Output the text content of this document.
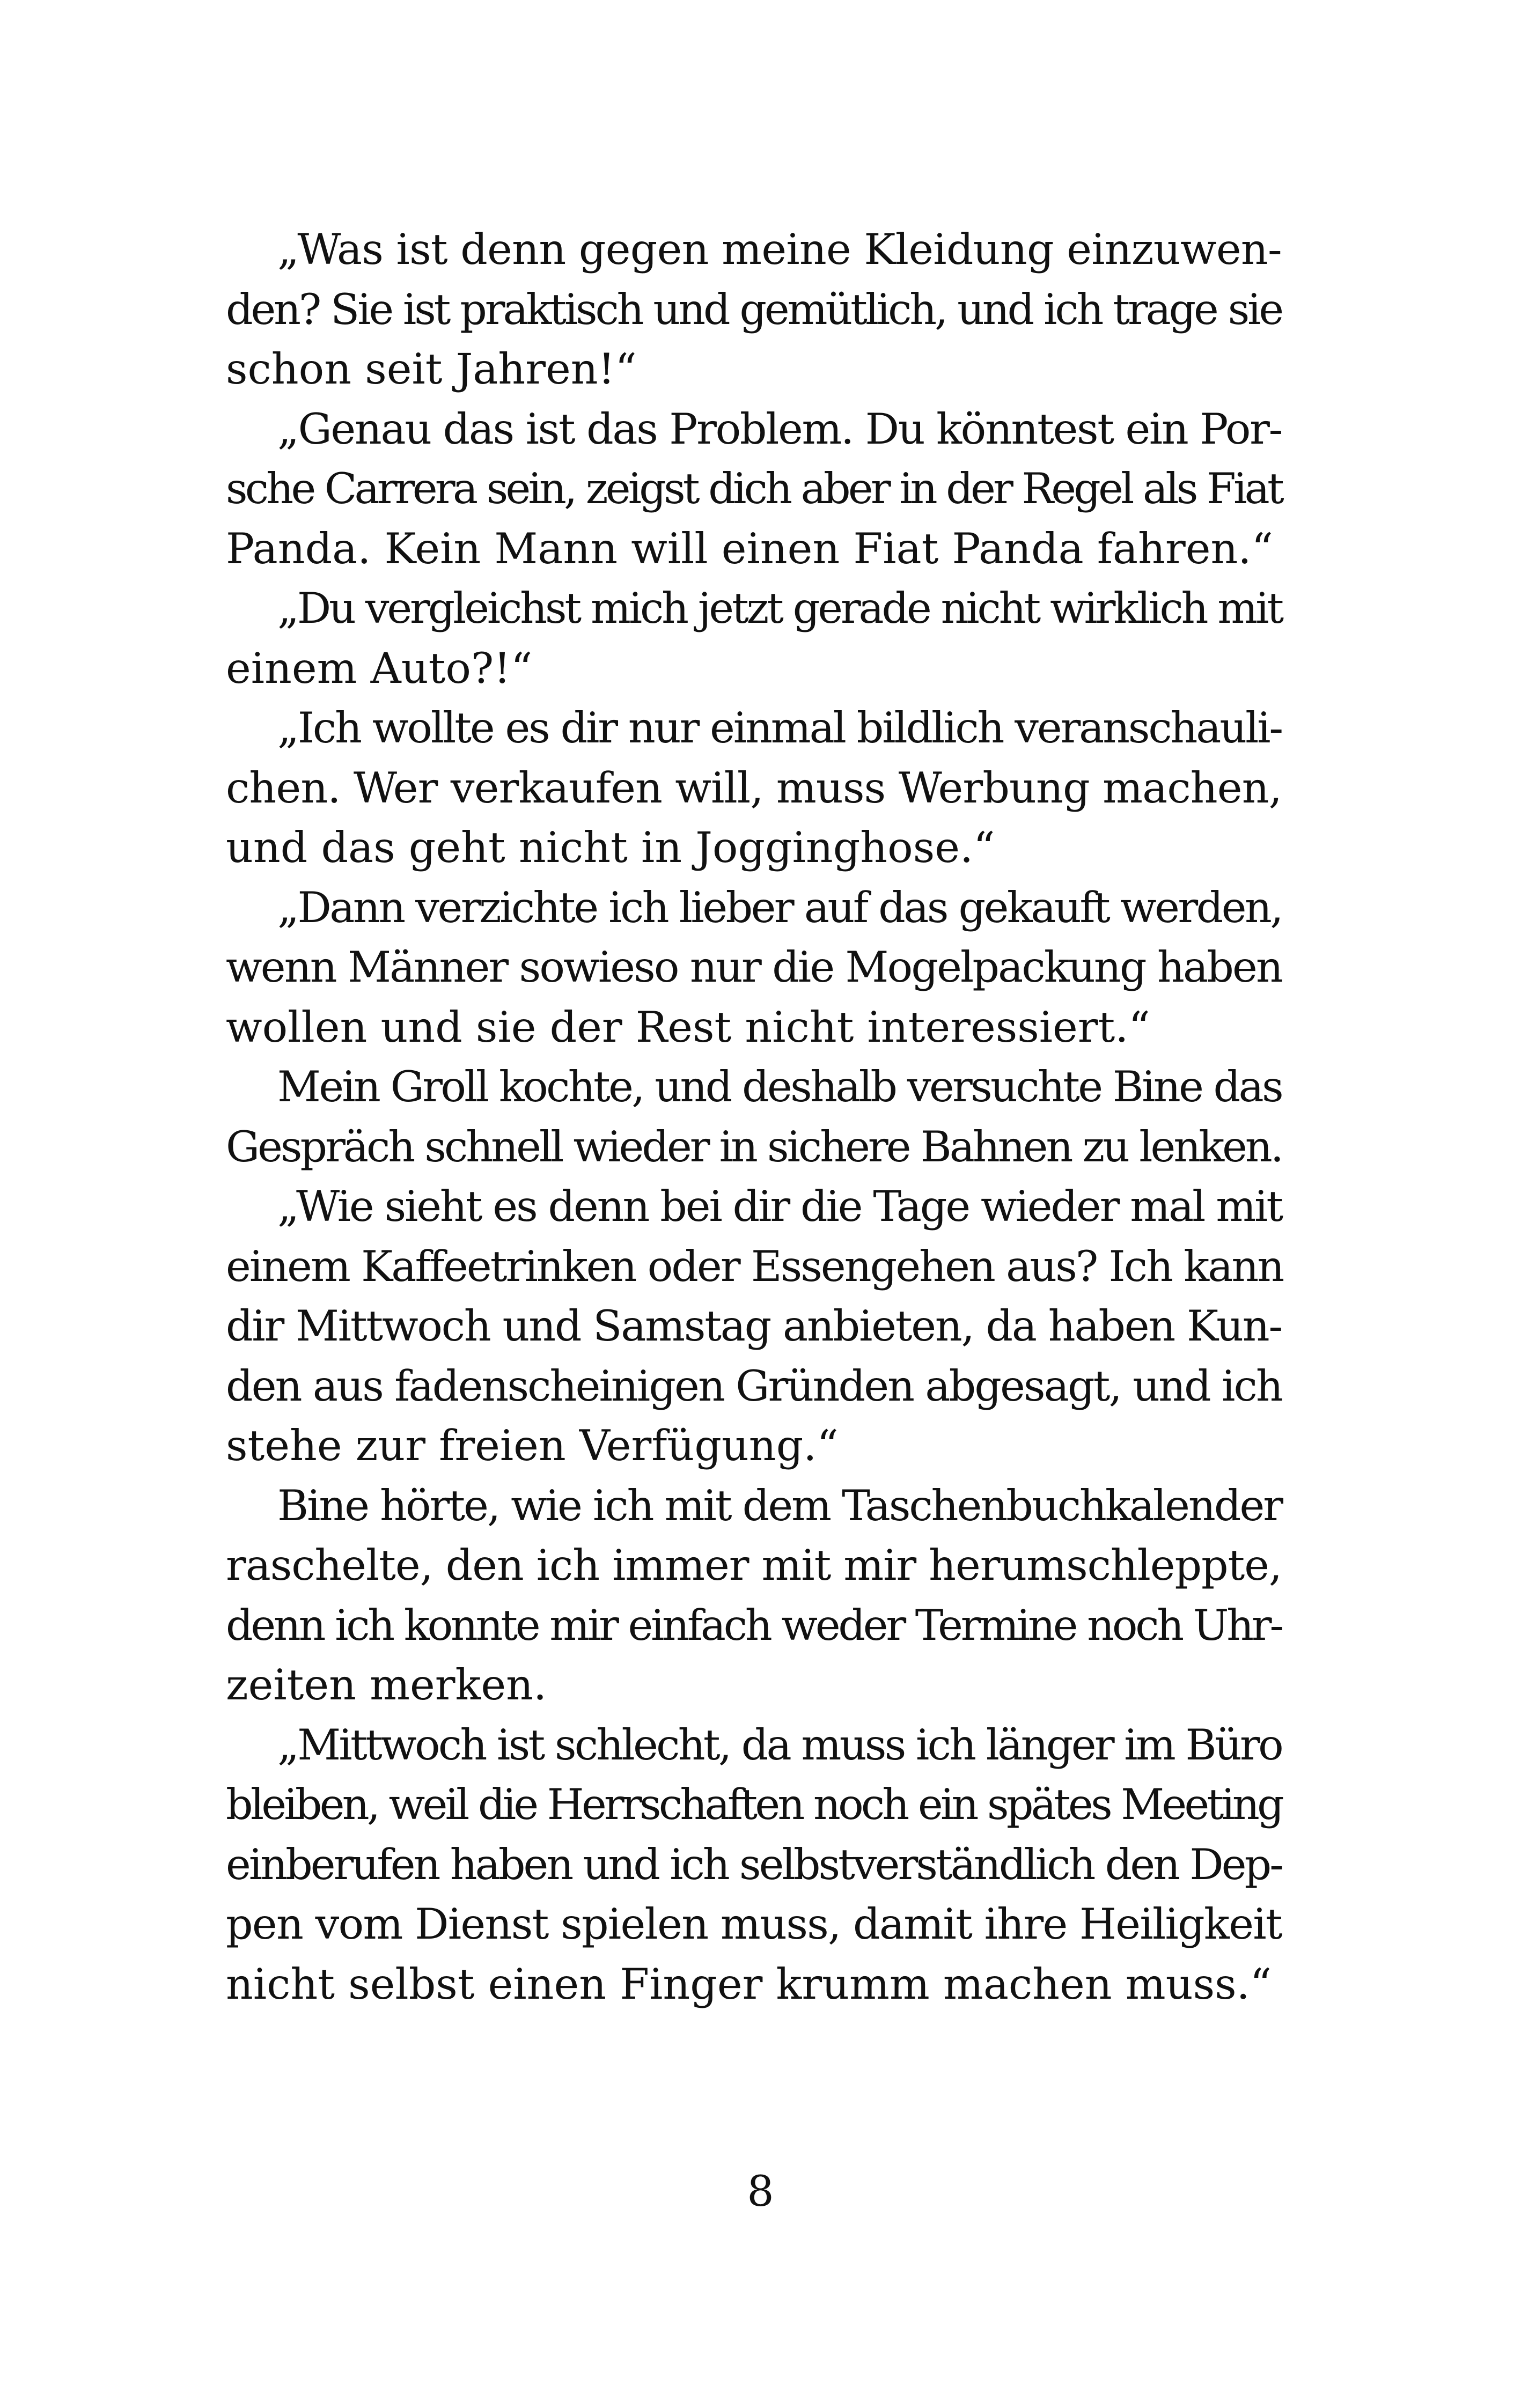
„Was ist denn gegen meine Kleidung einzuwen-
den? Sie ist praktisch und gemütlich, und ich trage sie
schon seit Jahren!“
„Genau das ist das Problem. Du könntest ein Por-
sche Carrera sein, zeigst dich aber in der Regel als Fiat
Panda. Kein Mann will einen Fiat Panda fahren.“
„Du vergleichst mich jetzt gerade nicht wirklich mit
einem Auto?!“
„Ich wollte es dir nur einmal bildlich veranschauli-
chen. Wer verkaufen will, muss Werbung machen,
und das geht nicht in Jogginghose.“
„Dann verzichte ich lieber auf das gekauft werden,
wenn Männer sowieso nur die Mogelpackung haben
wollen und sie der Rest nicht interessiert.“
Mein Groll kochte, und deshalb versuchte Bine das
Gespräch schnell wieder in sichere Bahnen zu lenken.
„Wie sieht es denn bei dir die Tage wieder mal mit
einem Kaffeetrinken oder Essengehen aus? Ich kann
dir Mittwoch und Samstag anbieten, da haben Kun-
den aus fadenscheinigen Gründen abgesagt, und ich
stehe zur freien Verfügung.“
Bine hörte, wie ich mit dem Taschenbuchkalender
raschelte, den ich immer mit mir herumschleppte,
denn ich konnte mir einfach weder Termine noch Uhr-
zeiten merken.
„Mittwoch ist schlecht, da muss ich länger im Büro
bleiben, weil die Herrschaften noch ein spätes Meeting
einberufen haben und ich selbstverständlich den Dep-
pen vom Dienst spielen muss, damit ihre Heiligkeit
nicht selbst einen Finger krumm machen muss.“
8
